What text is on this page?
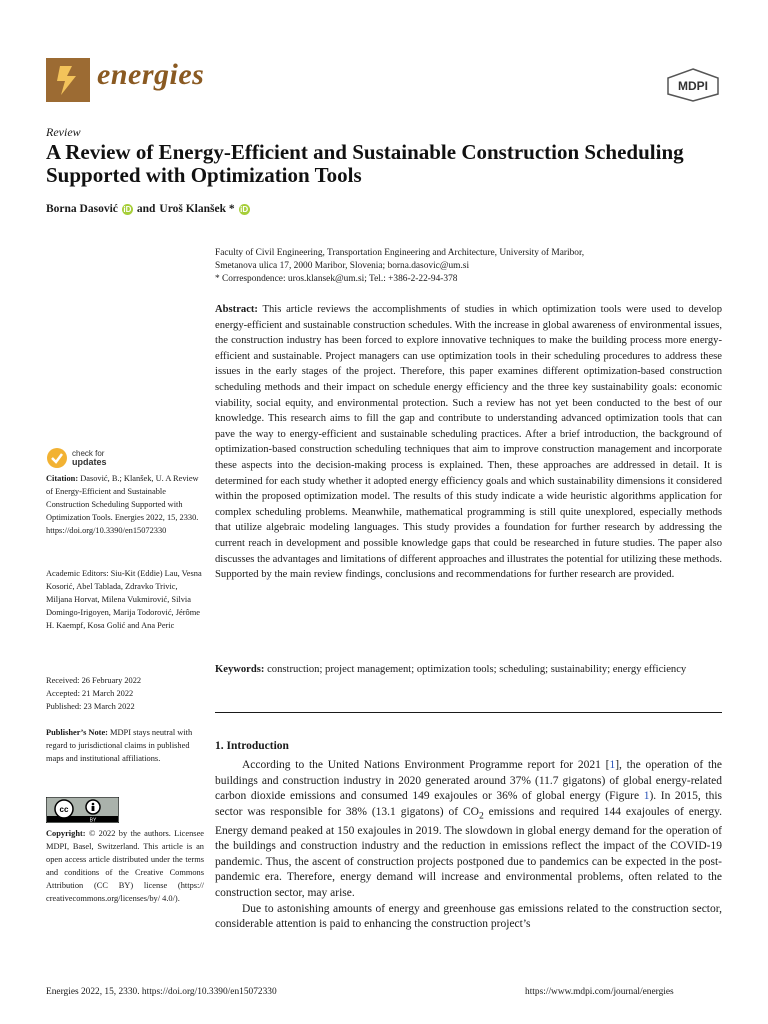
energies	MDPI
Review
A Review of Energy-Efficient and Sustainable Construction Scheduling Supported with Optimization Tools
Borna Dasović iD and Uroš Klanšek * iD
Faculty of Civil Engineering, Transportation Engineering and Architecture, University of Maribor,
Smetanova ulica 17, 2000 Maribor, Slovenia; borna.dasovic@um.si
* Correspondence: uros.klansek@um.si; Tel.: +386-2-22-94-378
Abstract: This article reviews the accomplishments of studies in which optimization tools were used to develop energy-efficient and sustainable construction schedules. With the increase in global awareness of environmental issues, the construction industry has been forced to explore innovative techniques to make the building process more energy-efficient and sustainable. Project managers can use optimization tools in their scheduling procedures to address these issues in the early stages of the project. Therefore, this paper examines different optimization-based construction scheduling methods and their impact on schedule energy efficiency and the three key sustainability goals: economic viability, social equity, and environmental protection. Such a review has not yet been conducted to the best of our knowledge. This research aims to fill the gap and contribute to understanding advanced optimization tools that can pave the way to energy-efficient and sustainable scheduling practices. After a brief introduction, the background of optimization-based construction scheduling techniques that aim to improve construction management and incorporate these aspects into the decision-making process is explained. Then, these approaches are addressed in detail. It is determined for each study whether it adopted energy efficiency goals and which sustainability dimensions it considered within the proposed optimization model. The results of this study indicate a wide heuristic algorithms application for complex scheduling problems. Meanwhile, mathematical programming is still quite unexplored, especially methods that utilize algebraic modeling languages. This study provides a foundation for further research by addressing the current reach in development and possible knowledge gaps that could be researched in future studies. The paper also discusses the advantages and limitations of different approaches and illustrates the potential for utilizing these methods. Supported by the main review findings, conclusions and recommendations for further research are provided.
Keywords: construction; project management; optimization tools; scheduling; sustainability; energy efficiency
1. Introduction

According to the United Nations Environment Programme report for 2021 [1], the operation of the buildings and construction industry in 2020 generated around 37% (11.7 gigatons) of global energy-related carbon dioxide emissions and consumed 149 exajoules or 36% of global energy (Figure 1). In 2015, this sector was responsible for 38% (13.1 gigatons) of $CO_2$ emissions and required 144 exajoules of energy. Energy demand peaked at 150 exajoules in 2019. The slowdown in global energy demand for the operation of the buildings and construction industry and the reduction in emissions reflect the impact of the COVID-19 pandemic. Thus, the ascent of construction projects postponed due to pandemics can be expected in the post-pandemic era. Therefore, energy demand will increase and environmental problems, often related to the construction sector, may arise.

Due to astonishing amounts of energy and greenhouse gas emissions related to the construction sector, considerable attention is paid to enhancing the construction project’s

check for
updates
Citation: Dasović, B.; Klanšek, U. A Review of Energy-Efficient and Sustainable Construction Scheduling Supported with Optimization Tools. Energies 2022, 15, 2330. https://doi.org/10.3390/en15072330
Academic Editors: Siu-Kit (Eddie) Lau, Vesna Kosorić, Abel Tablada, Zdravko Trivic, Miljana Horvat, Milena Vukmirović, Silvia Domingo-Irigoyen, Marija Todorović, Jérôme H. Kaempf, Kosa Golić and Ana Peric
Received: 26 February 2022
Accepted: 21 March 2022
Published: 23 March 2022
Publisher’s Note: MDPI stays neutral with regard to jurisdictional claims in published maps and institutional affiliations.
cc
BY
Copyright: © 2022 by the authors. Licensee MDPI, Basel, Switzerland. This article is an open access article distributed under the terms and conditions of the Creative Commons Attribution (CC BY) license (https:// creativecommons.org/licenses/by/ 4.0/).
Energies 2022, 15, 2330. https://doi.org/10.3390/en15072330	https://www.mdpi.com/journal/energies
